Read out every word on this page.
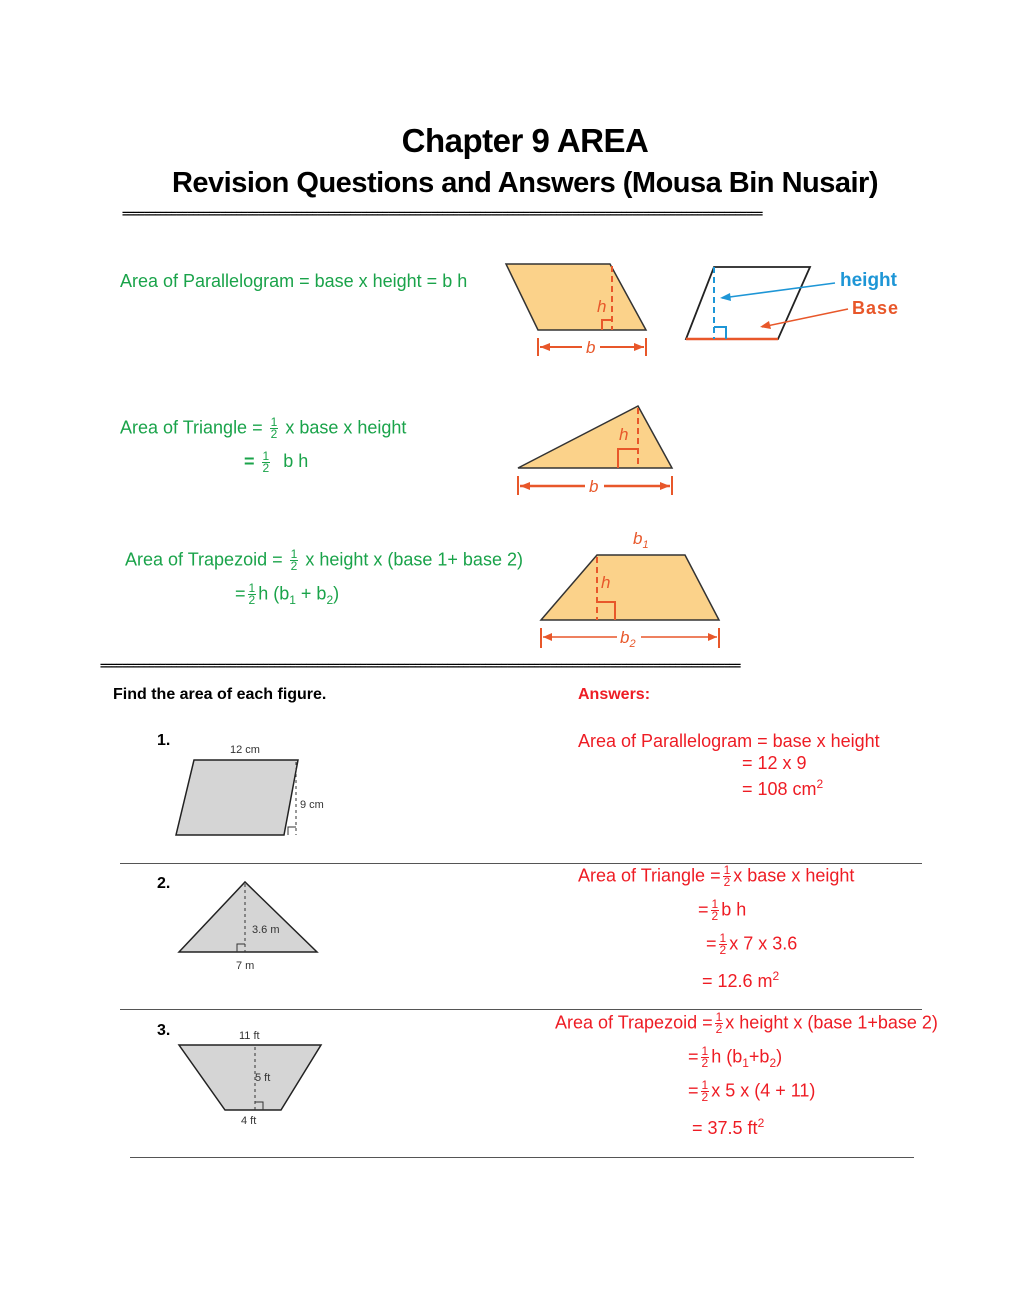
Chapter 9 AREA
Revision Questions and Answers (Mousa Bin Nusair)
======================================================================================================================
Area of Parallelogram = base x height = b h
h
b
height
Base
Area of Triangle = $\frac{1}{2}$ x base x height
= $\frac{1}{2}$ b h
h
b
Area of Trapezoid = $\frac{1}{2}$ x height x (base 1+ base 2)
= $\frac{1}{2}$ h $(b_1 + b_2)$
$b_1$
h
$b_2$
======================================================================================================================
Find the area of each figure.	Answers:
1.
12 cm
9 cm
Area of Parallelogram = base x height
= 12 x 9
= 108 $cm^2$
2.
3.6 m
7 m
Area of Triangle = $\frac{1}{2}$ x base x height
= $\frac{1}{2}$ b h
= $\frac{1}{2}$ x 7 x 3.6
= 12.6 $m^2$
3.	11 ft
5 ft
4 ft
Area of Trapezoid = $\frac{1}{2}$ x height x (base 1+base 2)
= $\frac{1}{2}$ h $(b_1+b_2)$
= $\frac{1}{2}$ x 5 x (4 + 11)
= 37.5 $ft^2$
